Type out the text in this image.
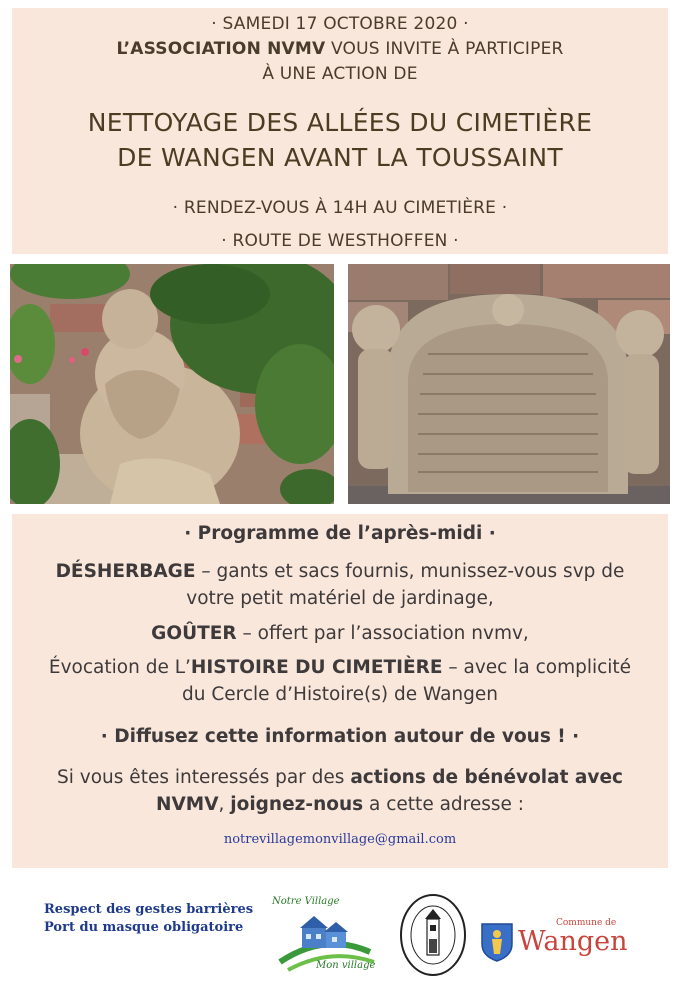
· SAMEDI 17 OCTOBRE 2020 ·
L’ASSOCIATION NVMV VOUS INVITE À PARTICIPER
À UNE ACTION DE
NETTOYAGE DES ALLÉES DU CIMETIÈRE
DE WANGEN AVANT LA TOUSSAINT
· RENDEZ-VOUS À 14H AU CIMETIÈRE ·
· ROUTE DE WESTHOFFEN ·
· Programme de l’après-midi ·
DÉSHERBAGE – gants et sacs fournis, munissez-vous svp de
votre petit matériel de jardinage,
GOÛTER – offert par l’association nvmv,
Évocation de L’HISTOIRE DU CIMETIÈRE – avec la complicité
du Cercle d’Histoire(s) de Wangen
· Diffusez cette information autour de vous ! ·
Si vous êtes interessés par des actions de bénévolat avec
NVMV, joignez-nous a cette adresse :
notrevillagemonvillage@gmail.com
Respect des gestes barrières
Port du masque obligatoire
Notre Village
Mon village
Commune de
Wangen
